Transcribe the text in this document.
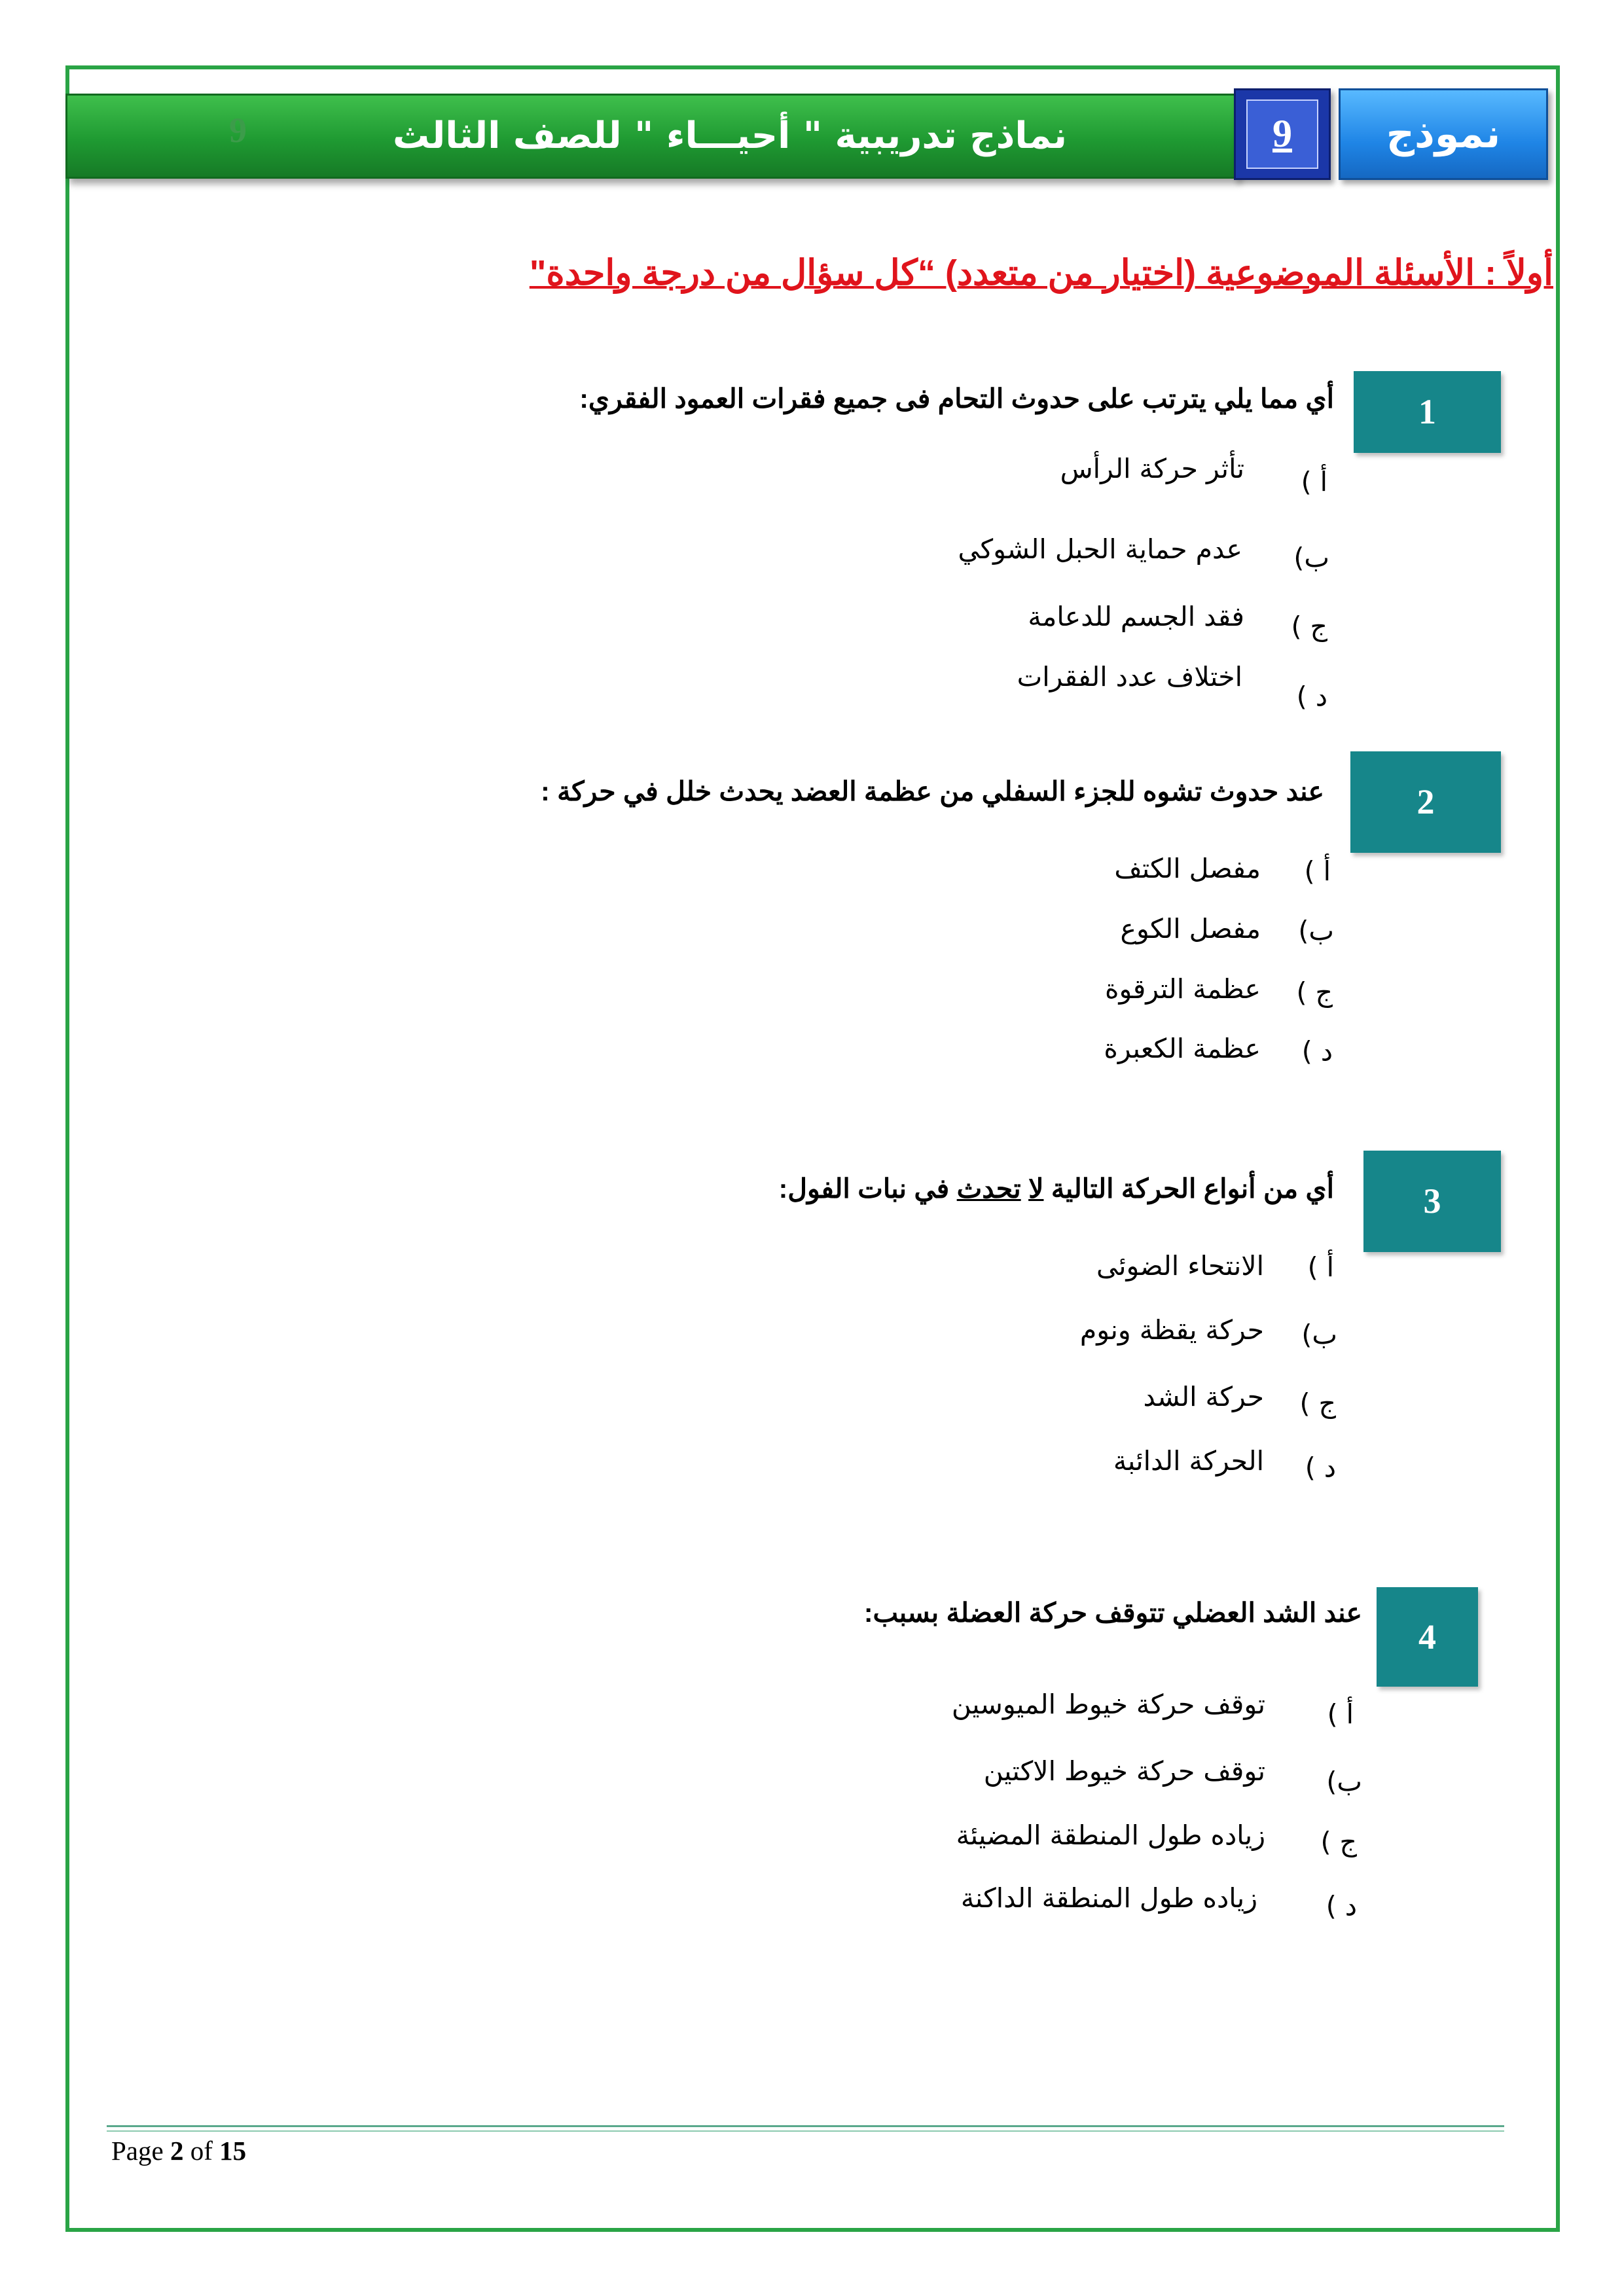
9	نماذج تدريبية " أحيـــاء " للصف الثالث الثـانوي
9	نموذج
أولاً : الأسئلة الموضوعية (اختيار من متعدد) “كل سؤال من درجة واحدة"
1
أي مما يلي يترتب على حدوث التحام فى جميع فقرات العمود الفقري:
أ )
تأثر حركة الرأس
ب)
عدم حماية الحبل الشوكي
ج )
فقد الجسم للدعامة
د )
اختلاف عدد الفقرات
2
عند حدوث تشوه للجزء السفلي من عظمة العضد يحدث خلل في حركة :
أ )
مفصل الكتف
ب)
مفصل الكوع
ج )
عظمة الترقوة
د )
عظمة الكعبرة
3
أي من أنواع الحركة التالية لا تحدث في نبات الفول:
أ )
الانتحاء الضوئى
ب)
حركة يقظة ونوم
ج )
حركة الشد
د )
الحركة الدائبة
4
عند الشد العضلي تتوقف حركة العضلة بسبب:
أ )
توقف حركة خيوط الميوسين
ب)
توقف حركة خيوط الاكتين
ج )
زياده طول المنطقة المضيئة
د )
زياده طول المنطقة الداكنة
Page 2 of 15
